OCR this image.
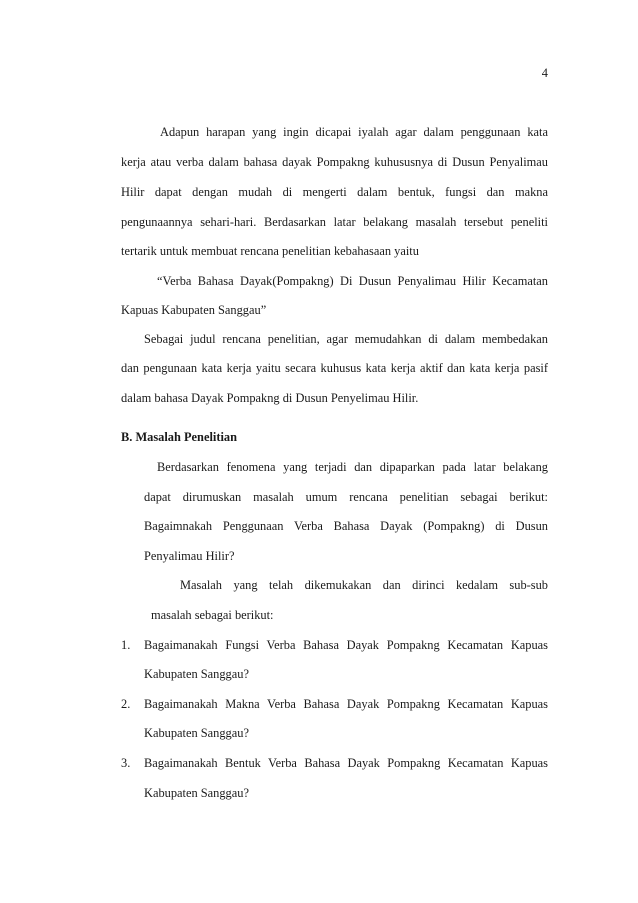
4
Adapun harapan yang ingin dicapai iyalah agar dalam penggunaan kata
kerja atau verba dalam bahasa dayak Pompakng kuhususnya di Dusun Penyalimau
Hilir dapat dengan mudah di mengerti dalam bentuk, fungsi dan makna
pengunaannya sehari-hari. Berdasarkan latar belakang masalah tersebut peneliti
tertarik untuk membuat rencana penelitian kebahasaan yaitu
“Verba Bahasa Dayak(Pompakng) Di Dusun Penyalimau Hilir Kecamatan
Kapuas Kabupaten Sanggau”
Sebagai judul rencana penelitian, agar memudahkan di dalam membedakan
dan pengunaan kata kerja yaitu secara kuhusus kata kerja aktif dan kata kerja pasif
dalam bahasa Dayak Pompakng di Dusun Penyelimau Hilir.
B. Masalah Penelitian
Berdasarkan fenomena yang terjadi dan dipaparkan pada latar belakang
dapat dirumuskan masalah umum rencana penelitian sebagai berikut:
Bagaimnakah Penggunaan Verba Bahasa Dayak (Pompakng) di Dusun
Penyalimau Hilir?
Masalah yang telah dikemukakan dan dirinci kedalam sub-sub
masalah sebagai berikut:
1. Bagaimanakah Fungsi Verba Bahasa Dayak Pompakng Kecamatan Kapuas
Kabupaten Sanggau?
2. Bagaimanakah Makna Verba Bahasa Dayak Pompakng Kecamatan Kapuas
Kabupaten Sanggau?
3. Bagaimanakah Bentuk Verba Bahasa Dayak Pompakng Kecamatan Kapuas
Kabupaten Sanggau?
